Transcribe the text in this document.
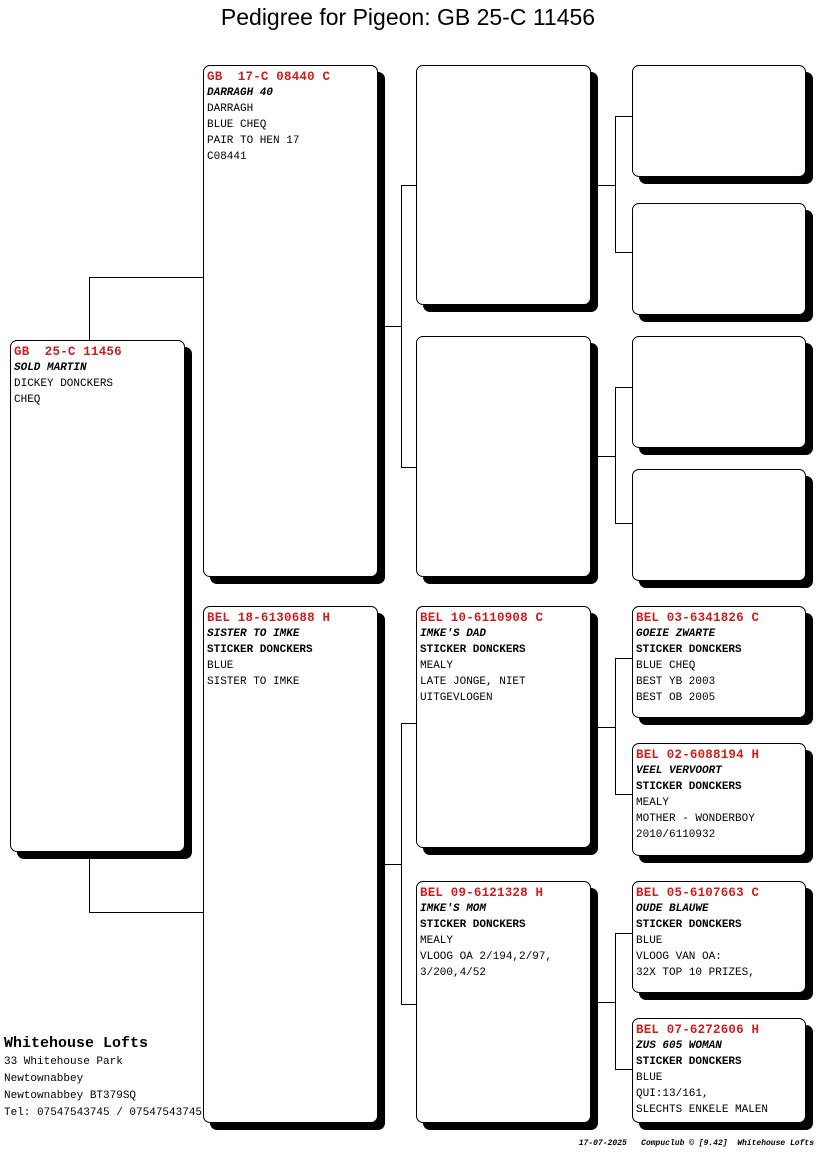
Pedigree for Pigeon: GB 25-C 11456
GB  25-C 11456
SOLD MARTIN
DICKEY DONCKERS
CHEQ
GB  17-C 08440 C
DARRAGH 40
DARRAGH
BLUE CHEQ
PAIR TO HEN 17
C08441
BEL 18-6130688 H
SISTER TO IMKE
STICKER DONCKERS
BLUE
SISTER TO IMKE
BEL 10-6110908 C
IMKE'S DAD
STICKER DONCKERS
MEALY
LATE JONGE, NIET
UITGEVLOGEN
BEL 09-6121328 H
IMKE'S MOM
STICKER DONCKERS
MEALY
VLOOG OA 2/194,2/97,
3/200,4/52
BEL 03-6341826 C
GOEIE ZWARTE
STICKER DONCKERS
BLUE CHEQ
BEST YB 2003
BEST OB 2005
BEL 02-6088194 H
VEEL VERVOORT
STICKER DONCKERS
MEALY
MOTHER - WONDERBOY
2010/6110932
BEL 05-6107663 C
OUDE BLAUWE
STICKER DONCKERS
BLUE
VLOOG VAN OA:
32X TOP 10 PRIZES,
BEL 07-6272606 H
ZUS 605 WOMAN
STICKER DONCKERS
BLUE
QUI:13/161,
SLECHTS ENKELE MALEN
Whitehouse Lofts
33 Whitehouse Park
Newtownabbey
Newtownabbey BT379SQ
Tel: 07547543745 / 07547543745
17-07-2025 Compuclub © [9.42] Whitehouse Lofts
